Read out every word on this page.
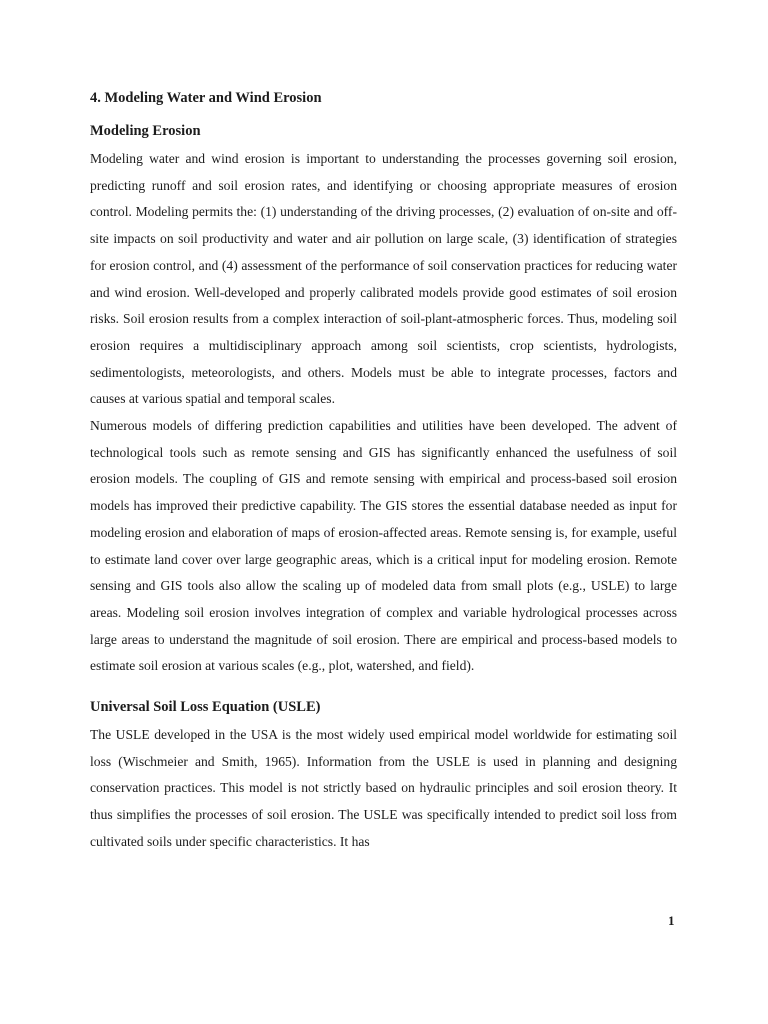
4. Modeling Water and Wind Erosion
Modeling Erosion

Modeling water and wind erosion is important to understanding the processes governing soil erosion, predicting runoff and soil erosion rates, and identifying or choosing appropriate measures of erosion control. Modeling permits the: (1) understanding of the driving processes, (2) evaluation of on-site and off-site impacts on soil productivity and water and air pollution on large scale, (3) identification of strategies for erosion control, and (4) assessment of the performance of soil conservation practices for reducing water and wind erosion. Well-developed and properly calibrated models provide good estimates of soil erosion risks. Soil erosion results from a complex interaction of soil-plant-atmospheric forces. Thus, modeling soil erosion requires a multidisciplinary approach among soil scientists, crop scientists, hydrologists, sedimentologists, meteorologists, and others. Models must be able to integrate processes, factors and causes at various spatial and temporal scales.

Numerous models of differing prediction capabilities and utilities have been developed. The advent of technological tools such as remote sensing and GIS has significantly enhanced the usefulness of soil erosion models. The coupling of GIS and remote sensing with empirical and process-based soil erosion models has improved their predictive capability. The GIS stores the essential database needed as input for modeling erosion and elaboration of maps of erosion-affected areas. Remote sensing is, for example, useful to estimate land cover over large geographic areas, which is a critical input for modeling erosion. Remote sensing and GIS tools also allow the scaling up of modeled data from small plots (e.g., USLE) to large areas. Modeling soil erosion involves integration of complex and variable hydrological processes across large areas to understand the magnitude of soil erosion. There are empirical and process-based models to estimate soil erosion at various scales (e.g., plot, watershed, and field).

Universal Soil Loss Equation (USLE)

The USLE developed in the USA is the most widely used empirical model worldwide for estimating soil loss (Wischmeier and Smith, 1965). Information from the USLE is used in planning and designing conservation practices. This model is not strictly based on hydraulic principles and soil erosion theory. It thus simplifies the processes of soil erosion. The USLE was specifically intended to predict soil loss from cultivated soils under specific characteristics. It has

1
